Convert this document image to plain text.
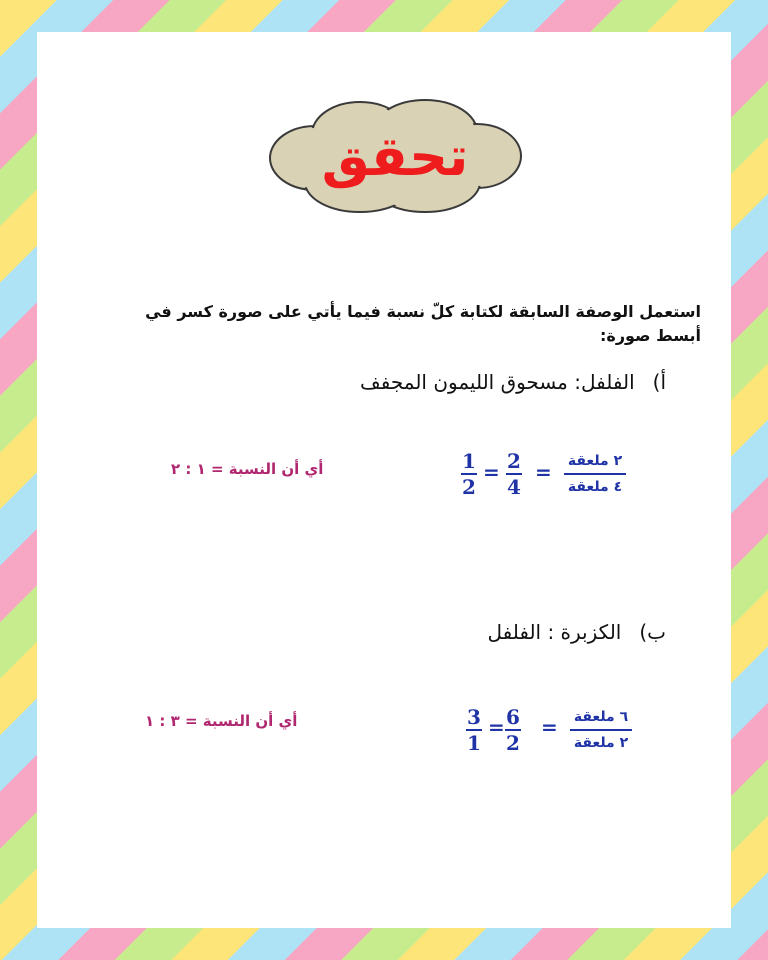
تحقق
استعمل الوصفة السابقة لكتابة كلّ نسبة فيما يأتي على صورة كسر في أبسط صورة:
أ)الفلفل: مسحوق الليمون المجفف
٢ ملعقة
٤ ملعقة
=
2
4
=
1
2
أي أن النسبة = ١ : ٢
ب)الكزبرة : الفلفل
٦ ملعقة
٢ ملعقة
=
6
2
=
3
1
أي أن النسبة = ٣ : ١
